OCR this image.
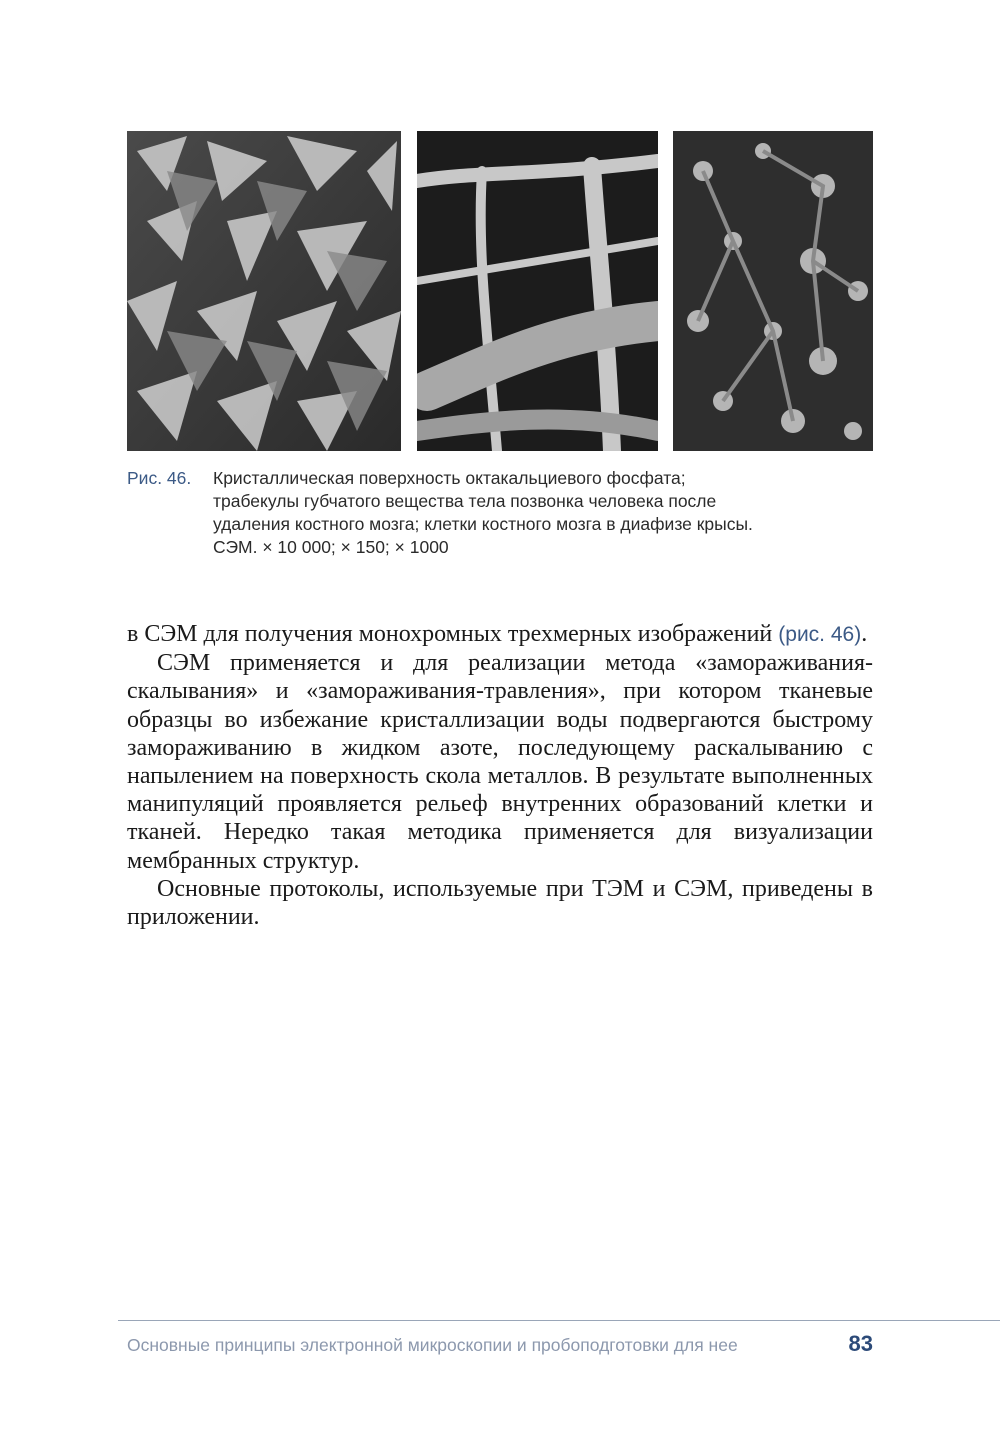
Рис. 46. Кристаллическая поверхность октакальциевого фосфата;
трабекулы губчатого вещества тела позвонка человека после
удаления костного мозга; клетки костного мозга в диафизе крысы.
СЭМ. × 10 000; × 150; × 1000

в СЭМ для получения монохромных трехмерных изображений (рис. 46).

СЭМ применяется и для реализации метода «замораживания-скалывания» и «замораживания-травления», при котором тканевые образцы во избежание кристаллизации воды подвергаются быстрому замораживанию в жидком азоте, последующему раскалыванию с напылением на поверхность скола металлов. В результате выполненных манипуляций проявляется рельеф внутренних образований клетки и тканей. Нередко такая методика применяется для визуализации мембранных структур.

Основные протоколы, используемые при ТЭМ и СЭМ, приведены в приложении.

Основные принципы электронной микроскопии и пробоподготовки для нее	83
